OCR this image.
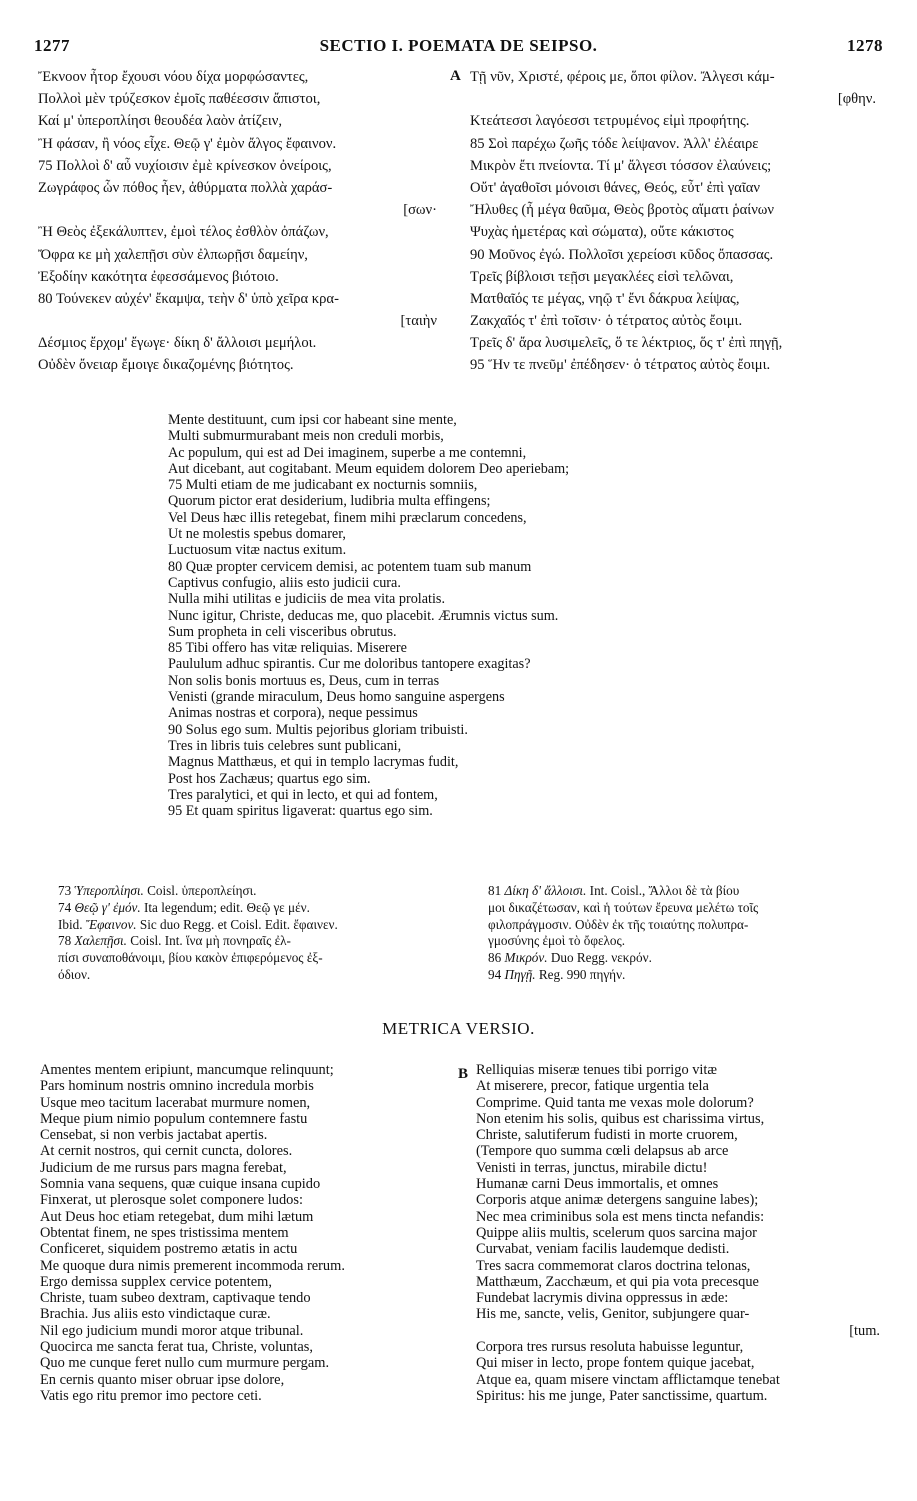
1277	SECTIO I. POEMATA DE SEIPSO.	1278
Ἔκνοον ἦτορ ἔχουσι νόου δίχα μορφώσαντες,
Πολλοὶ μὲν τρύζεσκον ἐμοῖς παθέεσσιν ἄπιστοι,
Καί μ' ὑπεροπλίησι θεουδέα λαὸν ἀτίζειν,
Ἢ φάσαν, ἢ νόος εἶχε. Θεῷ γ' ἐμὸν ἄλγος ἔφαινον.
75 Πολλοὶ δ' αὖ νυχίοισιν ἐμὲ κρίνεσκον ὀνείροις,
Ζωγράφος ὧν πόθος ἦεν, ἀθύρματα πολλὰ χαράσ-
[σων·
Ἢ Θεὸς ἐξεκάλυπτεν, ἐμοὶ τέλος ἐσθλὸν ὀπάζων,
Ὄφρα κε μὴ χαλεπῇσι σὺν ἐλπωρῇσι δαμείην,
Ἐξοδίην κακότητα ἐφεσσάμενος βιότοιο.
80 Τούνεκεν αὐχέν' ἔκαμψα, τεὴν δ' ὑπὸ χεῖρα κρα-
[ταιὴν
Δέσμιος ἔρχομ' ἔγωγε· δίκη δ' ἄλλοισι μεμήλοι.
Οὐδὲν ὄνειαρ ἔμοιγε δικαζομένης βιότητος.
A Τῇ νῦν, Χριστέ, φέροις με, ὅποι φίλον. Ἄλγεσι κάμ-
[φθην.
Κτεάτεσσι λαγόεσσι τετρυμένος εἰμὶ προφήτης.
85 Σοὶ παρέχω ζωῆς τόδε λείψανον. Ἀλλ' ἐλέαιρε
Μικρὸν ἔτι πνείοντα. Τί μ' ἄλγεσι τόσσον ἐλαύνεις;
Οὔτ' ἀγαθοῖσι μόνοισι θάνες, Θεός, εὖτ' ἐπὶ γαῖαν
Ἤλυθες (ἦ μέγα θαῦμα, Θεὸς βροτὸς αἵματι ῥαίνων
Ψυχὰς ἡμετέρας καὶ σώματα), οὔτε κάκιστος
90 Μοῦνος ἐγώ. Πολλοῖσι χερείοσι κῦδος ὄπασσας.
Τρεῖς βίβλοισι τεῇσι μεγακλέες εἰσὶ τελῶναι,
Ματθαῖός τε μέγας, νηῷ τ' ἔνι δάκρυα λείψας,
Ζακχαῖός τ' ἐπὶ τοῖσιν· ὁ τέτρατος αὐτὸς ἔοιμι.
Τρεῖς δ' ἄρα λυσιμελεῖς, ὅ τε λέκτριος, ὅς τ' ἐπὶ πηγῇ,
95 Ἥν τε πνεῦμ' ἐπέδησεν· ὁ τέτρατος αὐτὸς ἔοιμι.
Mente destituunt, cum ipsi cor habeant sine mente,
Multi submurmurabant meis non creduli morbis,
Ac populum, qui est ad Dei imaginem, superbe a me contemni,
Aut dicebant, aut cogitabant. Meum equidem dolorem Deo aperiebam;
75 Multi etiam de me judicabant ex nocturnis somniis,
Quorum pictor erat desiderium, ludibria multa effingens;
Vel Deus hæc illis retegebat, finem mihi præclarum concedens,
Ut ne molestis spebus domarer,
Luctuosum vitæ nactus exitum.
80 Quæ propter cervicem demisi, ac potentem tuam sub manum
Captivus confugio, aliis esto judicii cura.
Nulla mihi utilitas e judiciis de mea vita prolatis.
Nunc igitur, Christe, deducas me, quo placebit. Ærumnis victus sum.
Sum propheta in celi visceribus obrutus.
85 Tibi offero has vitæ reliquias. Miserere
Paululum adhuc spirantis. Cur me doloribus tantopere exagitas?
Non solis bonis mortuus es, Deus, cum in terras
Venisti (grande miraculum, Deus homo sanguine aspergens
Animas nostras et corpora), neque pessimus
90 Solus ego sum. Multis pejoribus gloriam tribuisti.
Tres in libris tuis celebres sunt publicani,
Magnus Matthæus, et qui in templo lacrymas fudit,
Post hos Zachæus; quartus ego sim.
Tres paralytici, et qui in lecto, et qui ad fontem,
95 Et quam spiritus ligaverat: quartus ego sim.
73 Ὑπεροπλίησι. Coisl. ὑπεροπλείησι.
74 Θεῷ γ' ἐμόν. Ita legendum; edit. Θεῷ γε μέν.
Ibid. Ἔφαινον. Sic duo Regg. et Coisl. Edit. ἔφαινεν.
78 Χαλεπῇσι. Coisl. Int. ἵνα μὴ πονηραῖς ἐλ-
πίσι συναποθάνοιμι, βίου κακὸν ἐπιφερόμενος ἐξ-
όδιον.
81 Δίκη δ' ἄλλοισι. Int. Coisl., Ἄλλοι δὲ τὰ βίου
μοι δικαζέτωσαν, καὶ ἡ τούτων ἔρευνα μελέτω τοῖς
φιλοπράγμοσιν. Οὐδὲν ἐκ τῆς τοιαύτης πολυπρα-
γμοσύνης ἐμοὶ τὸ ὄφελος.
86 Μικρόν. Duo Regg. νεκρόν.
94 Πηγῇ. Reg. 990 πηγήν.
METRICA VERSIO.
Amentes mentem eripiunt, mancumque relinquunt;
Pars hominum nostris omnino incredula morbis
Usque meo tacitum lacerabat murmure nomen,
Meque pium nimio populum contemnere fastu
Censebat, si non verbis jactabat apertis.
At cernit nostros, qui cernit cuncta, dolores.
Judicium de me rursus pars magna ferebat,
Somnia vana sequens, quæ cuique insana cupido
Finxerat, ut plerosque solet componere ludos:
Aut Deus hoc etiam retegebat, dum mihi lætum
Obtentat finem, ne spes tristissima mentem
Conficeret, siquidem postremo ætatis in actu
Me quoque dura nimis premerent incommoda rerum.
Ergo demissa supplex cervice potentem,
Christe, tuam subeo dextram, captivaque tendo
Brachia. Jus aliis esto vindictaque curæ.
Nil ego judicium mundi moror atque tribunal.
Quocirca me sancta ferat tua, Christe, voluntas,
Quo me cunque feret nullo cum murmure pergam.
En cernis quanto miser obruar ipse dolore,
Vatis ego ritu premor imo pectore ceti.
B Relliquias miseræ tenues tibi porrigo vitæ
At miserere, precor, fatique urgentia tela
Comprime. Quid tanta me vexas mole dolorum?
Non etenim his solis, quibus est charissima virtus,
Christe, salutiferum fudisti in morte cruorem,
(Tempore quo summa cœli delapsus ab arce
Venisti in terras, junctus, mirabile dictu!
Humanæ carni Deus immortalis, et omnes
Corporis atque animæ detergens sanguine labes);
Nec mea criminibus sola est mens tincta nefandis:
Quippe aliis multis, scelerum quos sarcina major
Curvabat, veniam facilis laudemque dedisti.
Tres sacra commemorat claros doctrina telonas,
Matthæum, Zacchæum, et qui pia vota precesque
Fundebat lacrymis divina oppressus in æde:
His me, sancte, velis, Genitor, subjungere quar-
[tum.
Corpora tres rursus resoluta habuisse leguntur,
Qui miser in lecto, prope fontem quique jacebat,
Atque ea, quam misere vinctam afflictamque tenebat
Spiritus: his me junge, Pater sanctissime, quartum.
